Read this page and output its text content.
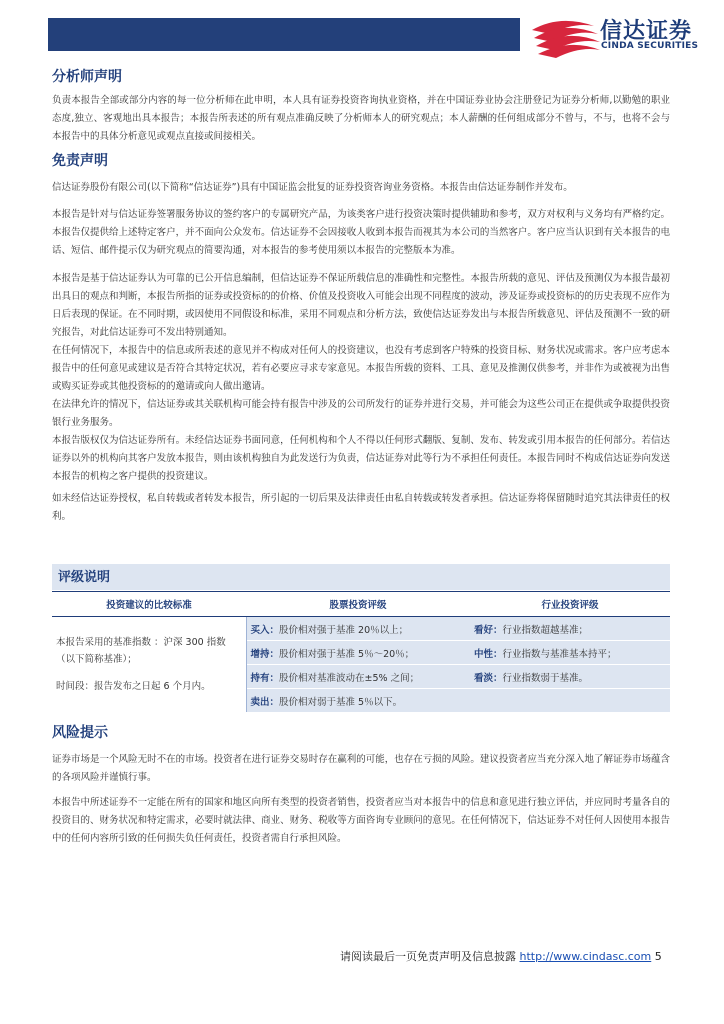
信达证券
CINDA SECURITIES
分析师声明
负责本报告全部或部分内容的每一位分析师在此申明，本人具有证券投资咨询执业资格，并在中国证券业协会注册登记为证券分析师,以勤勉的职业态度,独立、客观地出具本报告；本报告所表述的所有观点准确反映了分析师本人的研究观点；本人薪酬的任何组成部分不曾与，不与，也将不会与本报告中的具体分析意见或观点直接或间接相关。
免责声明
信达证券股份有限公司(以下简称“信达证券”)具有中国证监会批复的证券投资咨询业务资格。本报告由信达证券制作并发布。
本报告是针对与信达证券签署服务协议的签约客户的专属研究产品，为该类客户进行投资决策时提供辅助和参考，双方对权利与义务均有严格约定。本报告仅提供给上述特定客户，并不面向公众发布。信达证券不会因接收人收到本报告而视其为本公司的当然客户。客户应当认识到有关本报告的电话、短信、邮件提示仅为研究观点的简要沟通，对本报告的参考使用须以本报告的完整版本为准。
本报告是基于信达证券认为可靠的已公开信息编制，但信达证券不保证所载信息的准确性和完整性。本报告所载的意见、评估及预测仅为本报告最初出具日的观点和判断，本报告所指的证券或投资标的的价格、价值及投资收入可能会出现不同程度的波动，涉及证券或投资标的的历史表现不应作为日后表现的保证。在不同时期，或因使用不同假设和标准，采用不同观点和分析方法，致使信达证券发出与本报告所载意见、评估及预测不一致的研究报告，对此信达证券可不发出特别通知。
在任何情况下，本报告中的信息或所表述的意见并不构成对任何人的投资建议，也没有考虑到客户特殊的投资目标、财务状况或需求。客户应考虑本报告中的任何意见或建议是否符合其特定状况，若有必要应寻求专家意见。本报告所载的资料、工具、意见及推测仅供参考，并非作为或被视为出售或购买证券或其他投资标的的邀请或向人做出邀请。
在法律允许的情况下，信达证券或其关联机构可能会持有报告中涉及的公司所发行的证券并进行交易，并可能会为这些公司正在提供或争取提供投资银行业务服务。
本报告版权仅为信达证券所有。未经信达证券书面同意，任何机构和个人不得以任何形式翻版、复制、发布、转发或引用本报告的任何部分。若信达证券以外的机构向其客户发放本报告，则由该机构独自为此发送行为负责，信达证券对此等行为不承担任何责任。本报告同时不构成信达证券向发送本报告的机构之客户提供的投资建议。
如未经信达证券授权，私自转载或者转发本报告，所引起的一切后果及法律责任由私自转载或转发者承担。信达证券将保留随时追究其法律责任的权利。
评级说明
投资建议的比较标准	股票投资评级	行业投资评级

本报告采用的基准指数 ：沪深 300 指数（以下简称基准）；
时间段：报告发布之日起 6 个月内。	买入：股价相对强于基准 20％以上；	看好：行业指数超越基准；
	增持：股价相对强于基准 5％～20％；	中性：行业指数与基准基本持平；
	持有：股价相对基准波动在±5% 之间；	看淡：行业指数弱于基准。
	卖出：股价相对弱于基准 5％以下。	
风险提示
证券市场是一个风险无时不在的市场。投资者在进行证券交易时存在赢利的可能，也存在亏损的风险。建议投资者应当充分深入地了解证券市场蕴含的各项风险并谨慎行事。
本报告中所述证券不一定能在所有的国家和地区向所有类型的投资者销售，投资者应当对本报告中的信息和意见进行独立评估，并应同时考量各自的投资目的、财务状况和特定需求，必要时就法律、商业、财务、税收等方面咨询专业顾问的意见。在任何情况下，信达证券不对任何人因使用本报告中的任何内容所引致的任何损失负任何责任，投资者需自行承担风险。
请阅读最后一页免责声明及信息披露 http://www.cindasc.com 5
